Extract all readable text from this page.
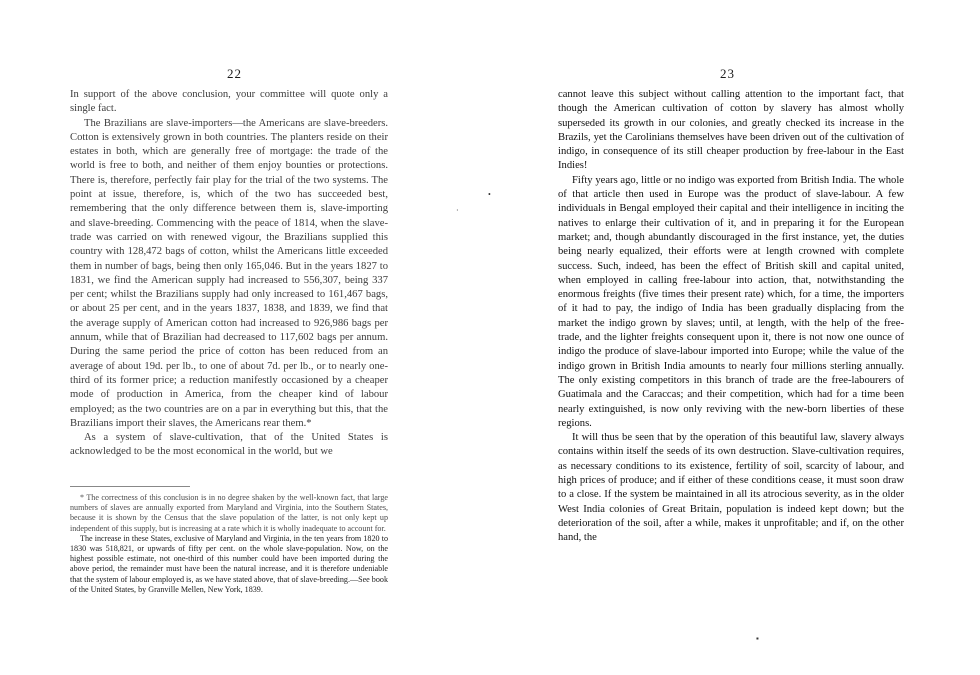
22

In support of the above conclusion, your committee will quote only a single fact.

The Brazilians are slave-importers—the Americans are slave-breeders. Cotton is extensively grown in both countries. The planters reside on their estates in both, which are generally free of mortgage: the trade of the world is free to both, and neither of them enjoy bounties or protections. There is, therefore, perfectly fair play for the trial of the two systems. The point at issue, therefore, is, which of the two has succeeded best, remembering that the only difference between them is, slave-importing and slave-breeding. Commencing with the peace of 1814, when the slave-trade was carried on with renewed vigour, the Brazilians supplied this country with 128,472 bags of cotton, whilst the Americans little exceeded them in number of bags, being then only 165,046. But in the years 1827 to 1831, we find the American supply had increased to 556,307, being 337 per cent; whilst the Brazilians supply had only increased to 161,467 bags, or about 25 per cent, and in the years 1837, 1838, and 1839, we find that the average supply of American cotton had increased to 926,986 bags per annum, while that of Brazilian had decreased to 117,602 bags per annum. During the same period the price of cotton has been reduced from an average of about 19d. per lb., to one of about 7d. per lb., or to nearly one-third of its former price; a reduction manifestly occasioned by a cheaper mode of production in America, from the cheaper kind of labour employed; as the two countries are on a par in everything but this, that the Brazilians import their slaves, the Americans rear them.*

As a system of slave-cultivation, that of the United States is acknowledged to be the most economical in the world, but we

* The correctness of this conclusion is in no degree shaken by the well-known fact, that large numbers of slaves are annually exported from Maryland and Virginia, into the Southern States, because it is shown by the Census that the slave population of the latter, is not only kept up independent of this supply, but is increasing at a rate which it is wholly inadequate to account for.

The increase in these States, exclusive of Maryland and Virginia, in the ten years from 1820 to 1830 was 518,821, or upwards of fifty per cent. on the whole slave-population. Now, on the highest possible estimate, not one-third of this number could have been imported during the above period, the remainder must have been the natural increase, and it is therefore undeniable that the system of labour employed is, as we have stated above, that of slave-breeding.—See book of the United States, by Granville Mellen, New York, 1839.

23

cannot leave this subject without calling attention to the important fact, that though the American cultivation of cotton by slavery has almost wholly superseded its growth in our colonies, and greatly checked its increase in the Brazils, yet the Carolinians themselves have been driven out of the cultivation of indigo, in consequence of its still cheaper production by free-labour in the East Indies!

Fifty years ago, little or no indigo was exported from British India. The whole of that article then used in Europe was the product of slave-labour. A few individuals in Bengal employed their capital and their intelligence in inciting the natives to enlarge their cultivation of it, and in preparing it for the European market; and, though abundantly discouraged in the first instance, yet, the duties being nearly equalized, their efforts were at length crowned with complete success. Such, indeed, has been the effect of British skill and capital united, when employed in calling free-labour into action, that, notwithstanding the enormous freights (five times their present rate) which, for a time, the importers of it had to pay, the indigo of India has been gradually displacing from the market the indigo grown by slaves; until, at length, with the help of the free-trade, and the lighter freights consequent upon it, there is not now one ounce of indigo the produce of slave-labour imported into Europe; while the value of the indigo grown in British India amounts to nearly four millions sterling annually. The only existing competitors in this branch of trade are the free-labourers of Guatimala and the Caraccas; and their competition, which had for a time been nearly extinguished, is now only reviving with the new-born liberties of these regions.

It will thus be seen that by the operation of this beautiful law, slavery always contains within itself the seeds of its own destruction. Slave-cultivation requires, as necessary conditions to its existence, fertility of soil, scarcity of labour, and high prices of produce; and if either of these conditions cease, it must soon draw to a close. If the system be maintained in all its atrocious severity, as in the older West India colonies of Great Britain, population is indeed kept down; but the deterioration of the soil, after a while, makes it unprofitable; and if, on the other hand, the

▪
•
·
